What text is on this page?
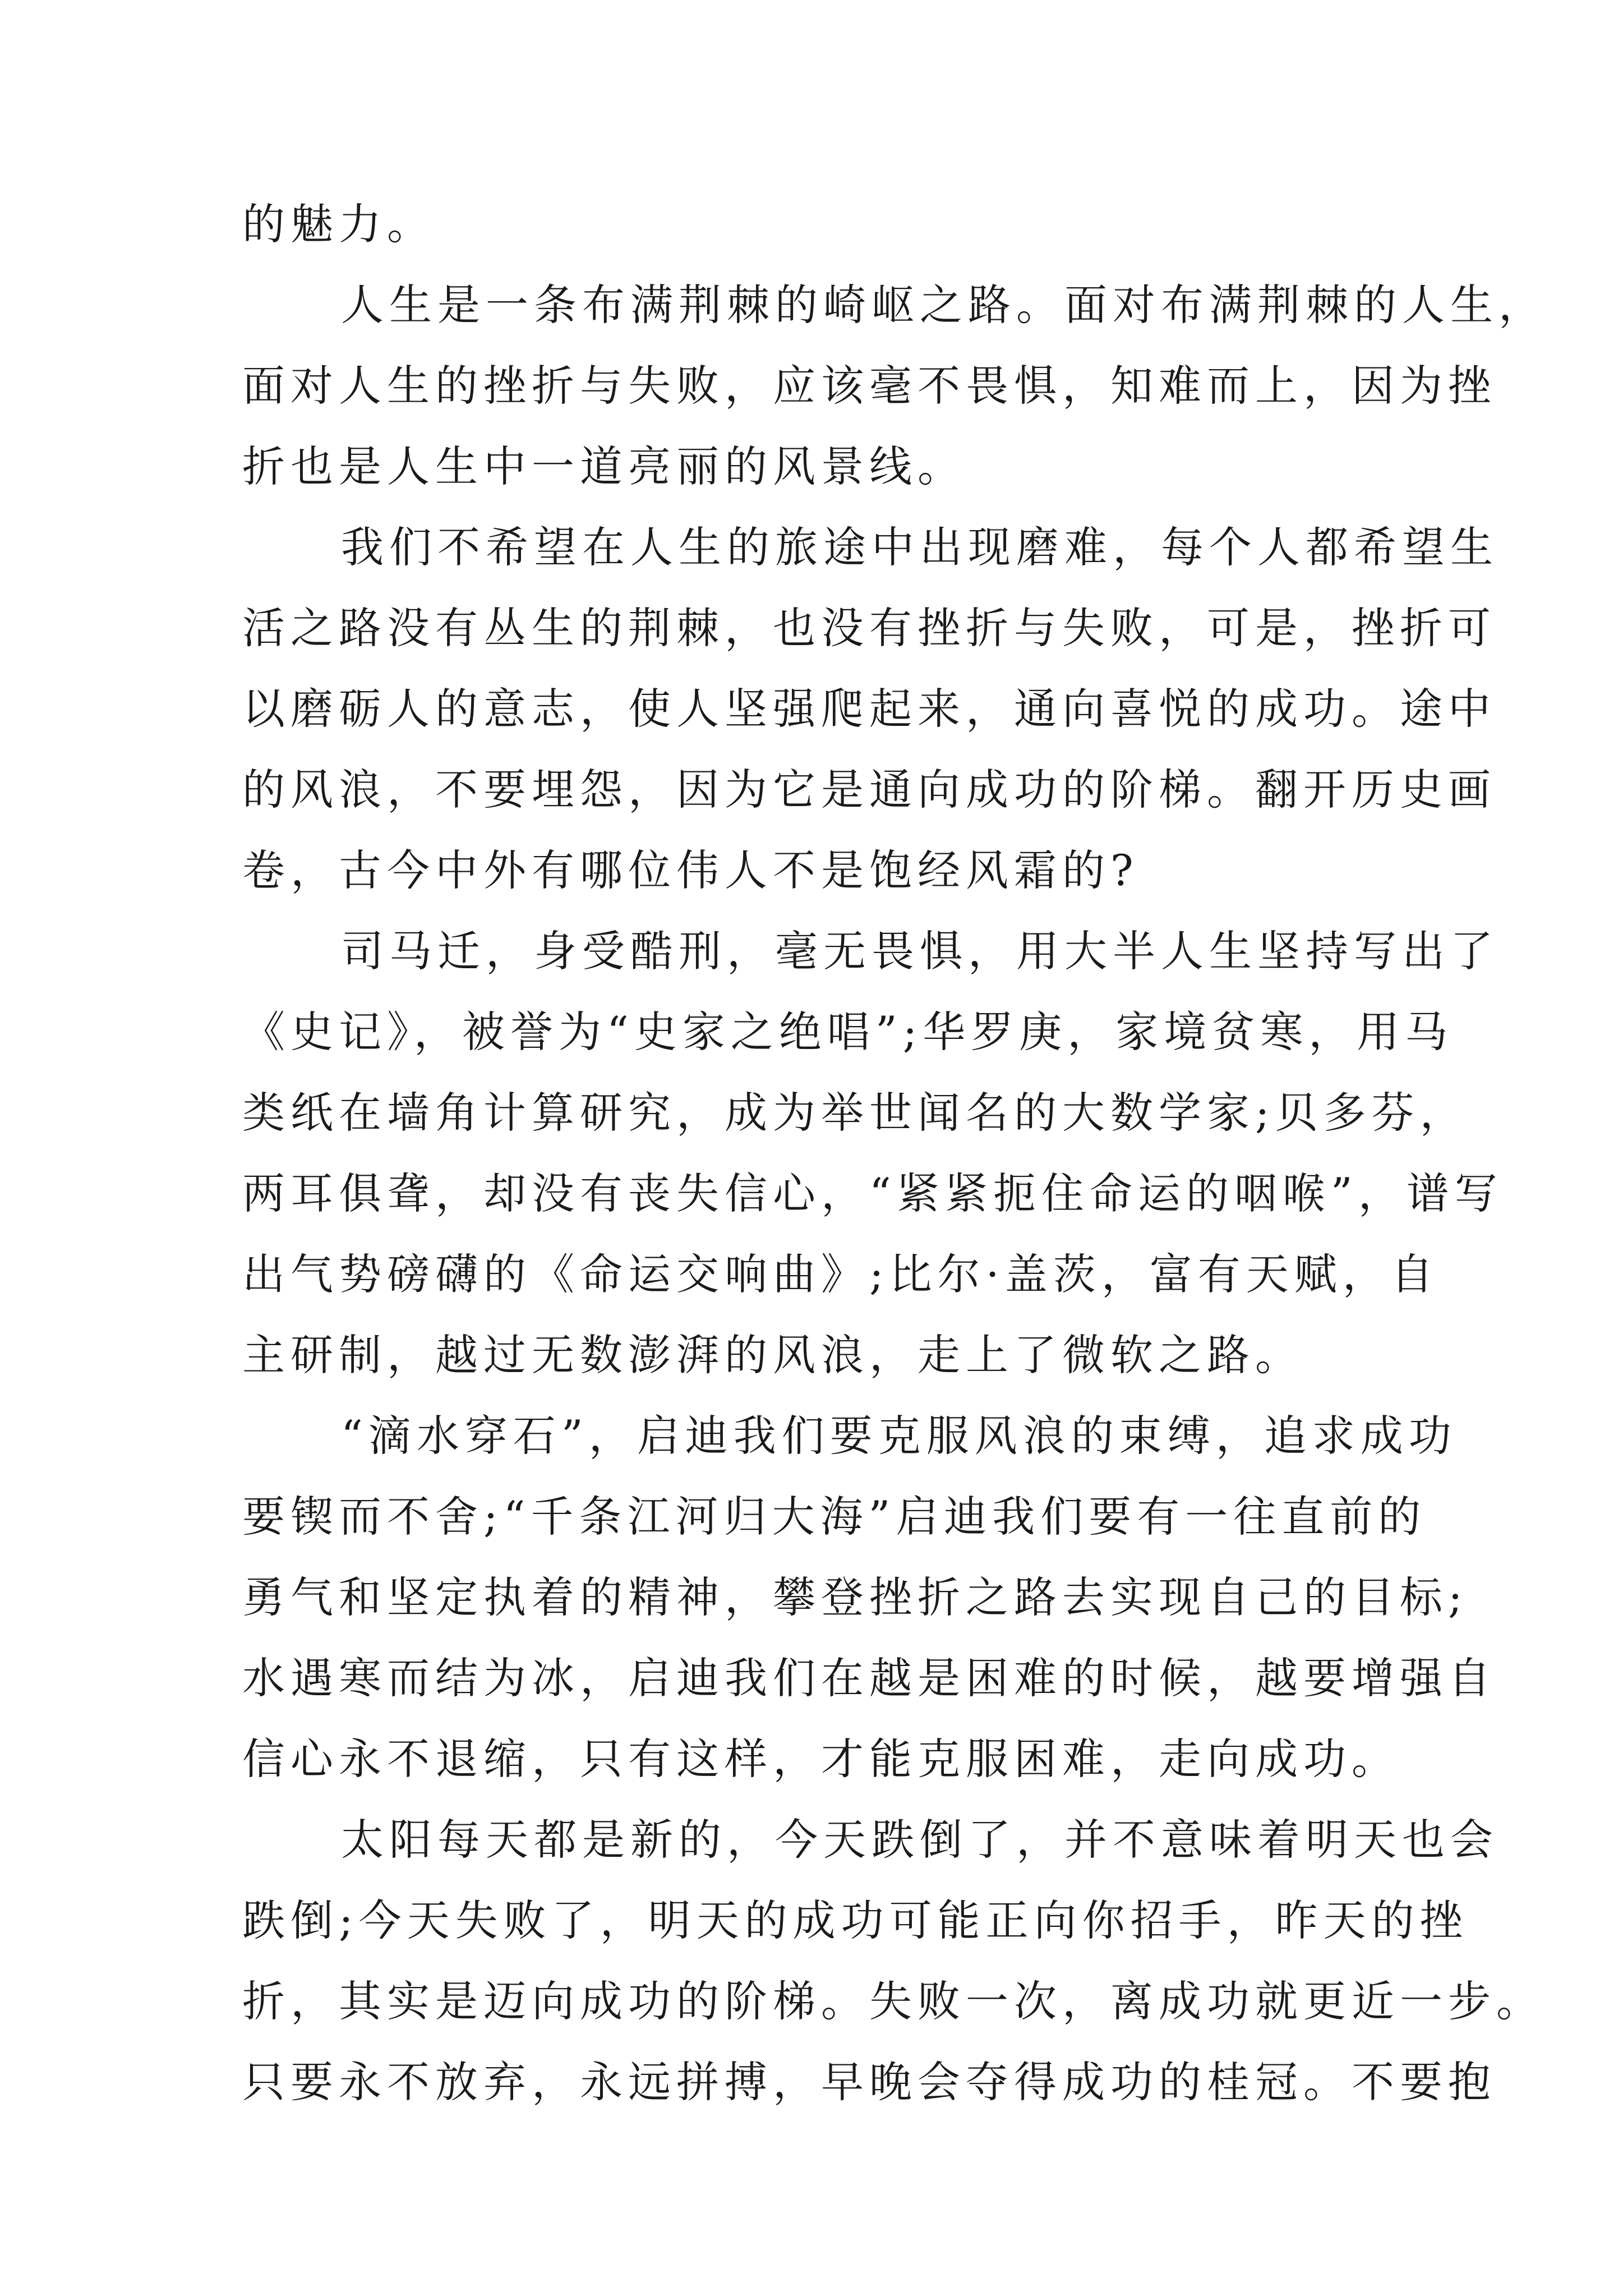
的魅力。
人生是一条布满荆棘的崎岖之路。面对布满荆棘的人生，
面对人生的挫折与失败，应该毫不畏惧，知难而上，因为挫
折也是人生中一道亮丽的风景线。
我们不希望在人生的旅途中出现磨难，每个人都希望生
活之路没有丛生的荆棘，也没有挫折与失败，可是，挫折可
以磨砺人的意志，使人坚强爬起来，通向喜悦的成功。途中
的风浪，不要埋怨，因为它是通向成功的阶梯。翻开历史画
卷，古今中外有哪位伟人不是饱经风霜的?
司马迁，身受酷刑，毫无畏惧，用大半人生坚持写出了
《史记》，被誉为“史家之绝唱”;华罗庚，家境贫寒，用马
类纸在墙角计算研究，成为举世闻名的大数学家;贝多芬，
两耳俱聋，却没有丧失信心，“紧紧扼住命运的咽喉”，谱写
出气势磅礴的《命运交响曲》;比尔·盖茨，富有天赋，自
主研制，越过无数澎湃的风浪，走上了微软之路。
“滴水穿石”，启迪我们要克服风浪的束缚，追求成功
要锲而不舍;“千条江河归大海”启迪我们要有一往直前的
勇气和坚定执着的精神，攀登挫折之路去实现自己的目标;
水遇寒而结为冰，启迪我们在越是困难的时候，越要增强自
信心永不退缩，只有这样，才能克服困难，走向成功。
太阳每天都是新的，今天跌倒了，并不意味着明天也会
跌倒;今天失败了，明天的成功可能正向你招手，昨天的挫
折，其实是迈向成功的阶梯。失败一次，离成功就更近一步。
只要永不放弃，永远拼搏，早晚会夺得成功的桂冠。不要抱
